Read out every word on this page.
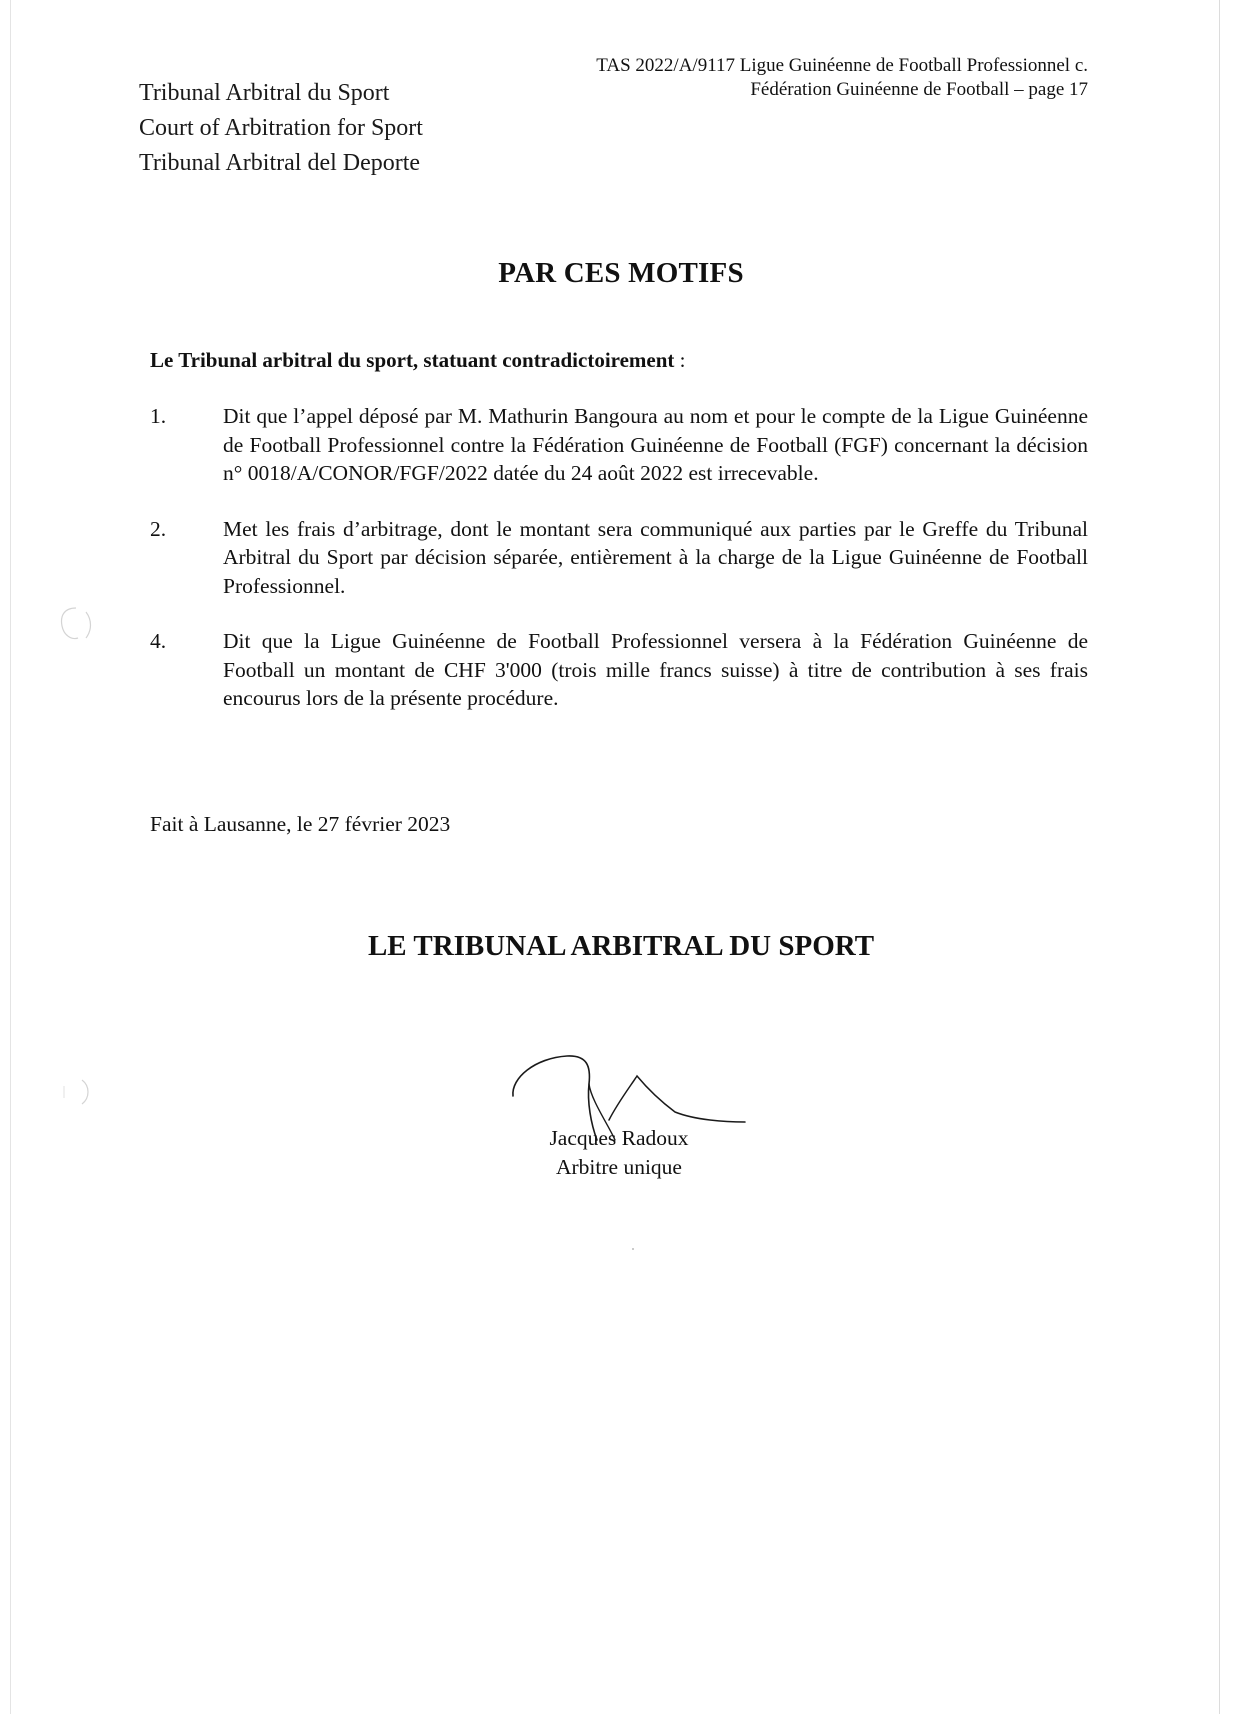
TAS 2022/A/9117 Ligue Guinéenne de Football Professionnel c.
Fédération Guinéenne de Football – page 17
Tribunal Arbitral du Sport
Court of Arbitration for Sport
Tribunal Arbitral del Deporte
PAR CES MOTIFS
Le Tribunal arbitral du sport, statuant contradictoirement :
1.	Dit que l’appel déposé par M. Mathurin Bangoura au nom et pour le compte de la Ligue Guinéenne de Football Professionnel contre la Fédération Guinéenne de Football (FGF) concernant la décision n° 0018/A/CONOR/FGF/2022 datée du 24 août 2022 est irrecevable.
2.	Met les frais d’arbitrage, dont le montant sera communiqué aux parties par le Greffe du Tribunal Arbitral du Sport par décision séparée, entièrement à la charge de la Ligue Guinéenne de Football Professionnel.
4.	Dit que la Ligue Guinéenne de Football Professionnel versera à la Fédération Guinéenne de Football un montant de CHF 3'000 (trois mille francs suisse) à titre de contribution à ses frais encourus lors de la présente procédure.
Fait à Lausanne, le 27 février 2023
LE TRIBUNAL ARBITRAL DU SPORT
Jacques Radoux
Arbitre unique
